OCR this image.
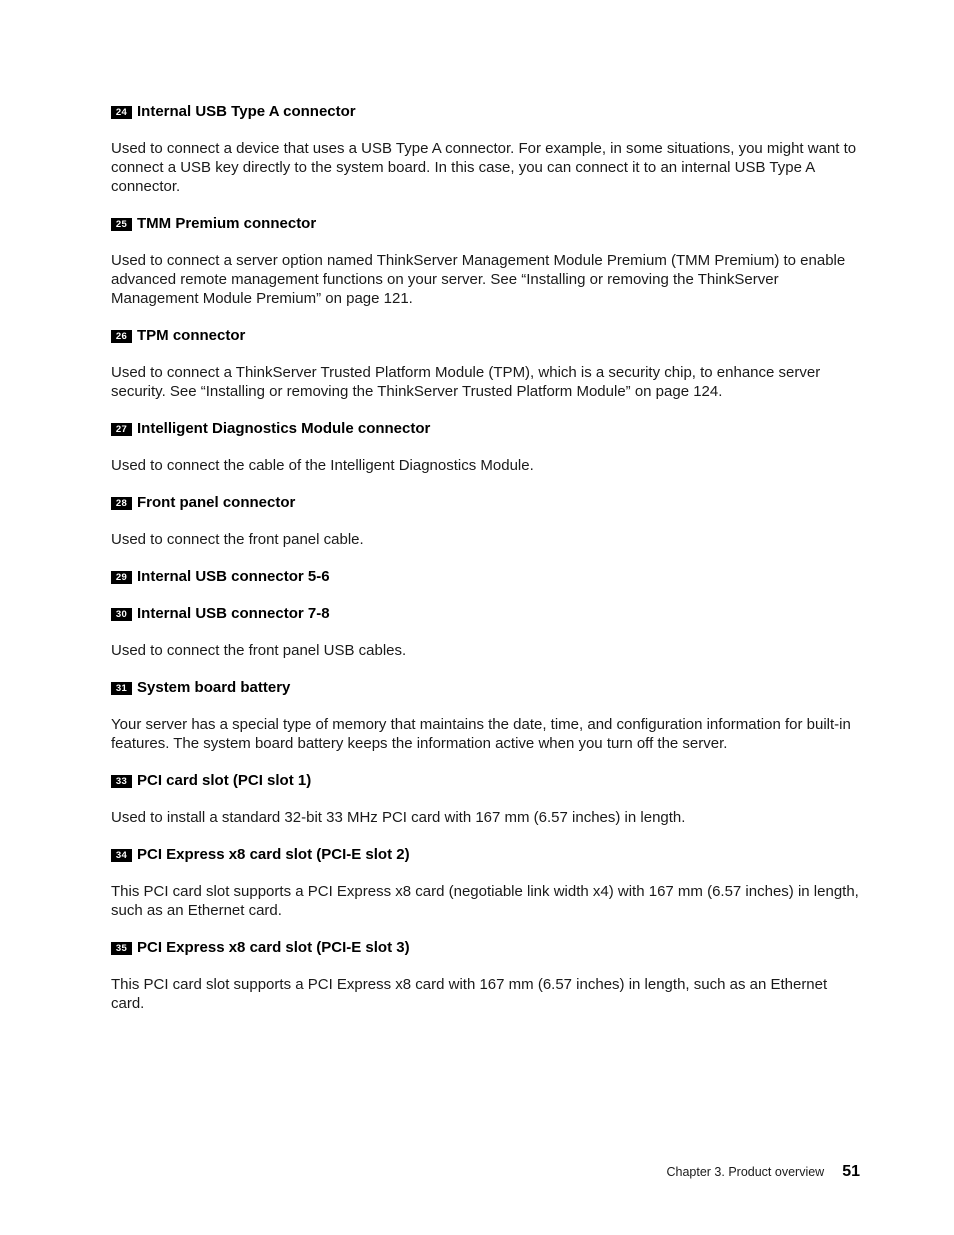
24 Internal USB Type A connector

Used to connect a device that uses a USB Type A connector. For example, in some situations, you might want to connect a USB key directly to the system board. In this case, you can connect it to an internal USB Type A connector.

25 TMM Premium connector

Used to connect a server option named ThinkServer Management Module Premium (TMM Premium) to enable advanced remote management functions on your server. See “Installing or removing the ThinkServer Management Module Premium” on page 121.

26 TPM connector

Used to connect a ThinkServer Trusted Platform Module (TPM), which is a security chip, to enhance server security. See “Installing or removing the ThinkServer Trusted Platform Module” on page 124.

27 Intelligent Diagnostics Module connector

Used to connect the cable of the Intelligent Diagnostics Module.

28 Front panel connector

Used to connect the front panel cable.

29 Internal USB connector 5-6
30 Internal USB connector 7-8

Used to connect the front panel USB cables.

31 System board battery

Your server has a special type of memory that maintains the date, time, and configuration information for built-in features. The system board battery keeps the information active when you turn off the server.

33 PCI card slot (PCI slot 1)

Used to install a standard 32-bit 33 MHz PCI card with 167 mm (6.57 inches) in length.

34 PCI Express x8 card slot (PCI-E slot 2)

This PCI card slot supports a PCI Express x8 card (negotiable link width x4) with 167 mm (6.57 inches) in length, such as an Ethernet card.

35 PCI Express x8 card slot (PCI-E slot 3)

This PCI card slot supports a PCI Express x8 card with 167 mm (6.57 inches) in length, such as an Ethernet card.

Chapter 3. Product overview 51
